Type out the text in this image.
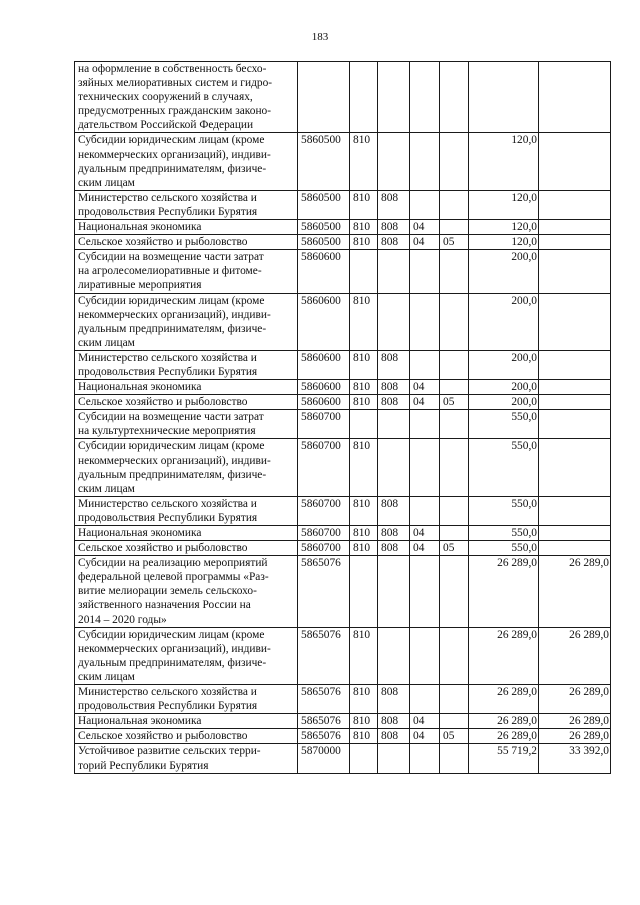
183
на оформление в собственность бесхо-
зяйных мелиоративных систем и гидро-
технических сооружений в случаях,
предусмотренных гражданским законо-
дательством Российской Федерации							
Субсидии юридическим лицам (кроме
некоммерческих организаций), индиви-
дуальным предпринимателям, физиче-
ским лицам	5860500	810				120,0	
Министерство сельского хозяйства и
продовольствия Республики Бурятия	5860500	810	808			120,0	
Национальная экономика	5860500	810	808	04		120,0	
Сельское хозяйство и рыболовство	5860500	810	808	04	05	120,0	
Субсидии на возмещение части затрат
на агролесомелиоративные и фитоме-
лиративные мероприятия	5860600					200,0	
Субсидии юридическим лицам (кроме
некоммерческих организаций), индиви-
дуальным предпринимателям, физиче-
ским лицам	5860600	810				200,0	
Министерство сельского хозяйства и
продовольствия Республики Бурятия	5860600	810	808			200,0	
Национальная экономика	5860600	810	808	04		200,0	
Сельское хозяйство и рыболовство	5860600	810	808	04	05	200,0	
Субсидии на возмещение части затрат
на культуртехнические мероприятия	5860700					550,0	
Субсидии юридическим лицам (кроме
некоммерческих организаций), индиви-
дуальным предпринимателям, физиче-
ским лицам	5860700	810				550,0	
Министерство сельского хозяйства и
продовольствия Республики Бурятия	5860700	810	808			550,0	
Национальная экономика	5860700	810	808	04		550,0	
Сельское хозяйство и рыболовство	5860700	810	808	04	05	550,0	
Субсидии на реализацию мероприятий
федеральной целевой программы «Раз-
витие мелиорации земель сельскохо-
зяйственного назначения России на
2014 – 2020 годы»	5865076					26 289,0	26 289,0
Субсидии юридическим лицам (кроме
некоммерческих организаций), индиви-
дуальным предпринимателям, физиче-
ским лицам	5865076	810				26 289,0	26 289,0
Министерство сельского хозяйства и
продовольствия Республики Бурятия	5865076	810	808			26 289,0	26 289,0
Национальная экономика	5865076	810	808	04		26 289,0	26 289,0
Сельское хозяйство и рыболовство	5865076	810	808	04	05	26 289,0	26 289,0
Устойчивое развитие сельских терри-
торий Республики Бурятия	5870000					55 719,2	33 392,0
